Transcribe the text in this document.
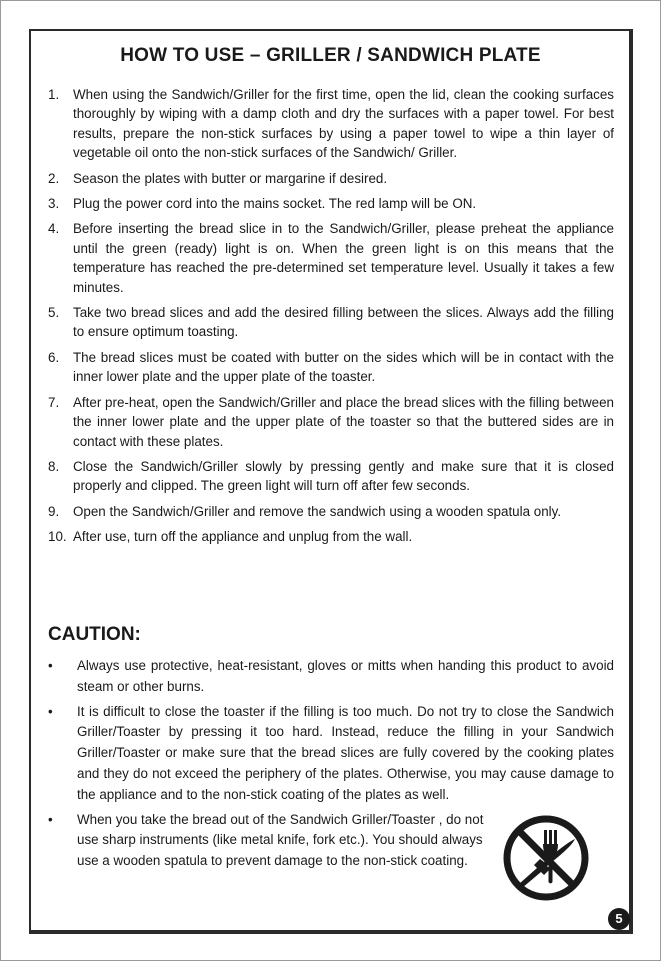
HOW TO USE – GRILLER / SANDWICH PLATE
1. When using the Sandwich/Griller for the first time, open the lid, clean the cooking surfaces thoroughly by wiping with a damp cloth and dry the surfaces with a paper towel. For best results, prepare the non-stick surfaces by using a paper towel to wipe a thin layer of vegetable oil onto the non-stick surfaces of the Sandwich/ Griller.
2. Season the plates with butter or margarine if desired.
3. Plug the power cord into the mains socket. The red lamp will be ON.
4. Before inserting the bread slice in to the Sandwich/Griller, please preheat the appliance until the green (ready) light is on. When the green light is on this means that the temperature has reached the pre-determined set temperature level. Usually it takes a few minutes.
5. Take two bread slices and add the desired filling between the slices. Always add the filling to ensure optimum toasting.
6. The bread slices must be coated with butter on the sides which will be in contact with the inner lower plate and the upper plate of the toaster.
7. After pre-heat, open the Sandwich/Griller and place the bread slices with the filling between the inner lower plate and the upper plate of the toaster so that the buttered sides are in contact with these plates.
8. Close the Sandwich/Griller slowly by pressing gently and make sure that it is closed properly and clipped. The green light will turn off after few seconds.
9. Open the Sandwich/Griller and remove the sandwich using a wooden spatula only.
10. After use, turn off the appliance and unplug from the wall.
CAUTION:
• Always use protective, heat-resistant, gloves or mitts when handing this product to avoid steam or other burns.
• It is difficult to close the toaster if the filling is too much. Do not try to close the Sandwich Griller/Toaster by pressing it too hard. Instead, reduce the filling in your Sandwich Griller/Toaster or make sure that the bread slices are fully covered by the cooking plates and they do not exceed the periphery of the plates. Otherwise, you may cause damage to the appliance and to the non-stick coating of the plates as well.
• When you take the bread out of the Sandwich Griller/Toaster , do not use sharp instruments (like metal knife, fork etc.). You should always use a wooden spatula to prevent damage to the non-stick coating.
5
